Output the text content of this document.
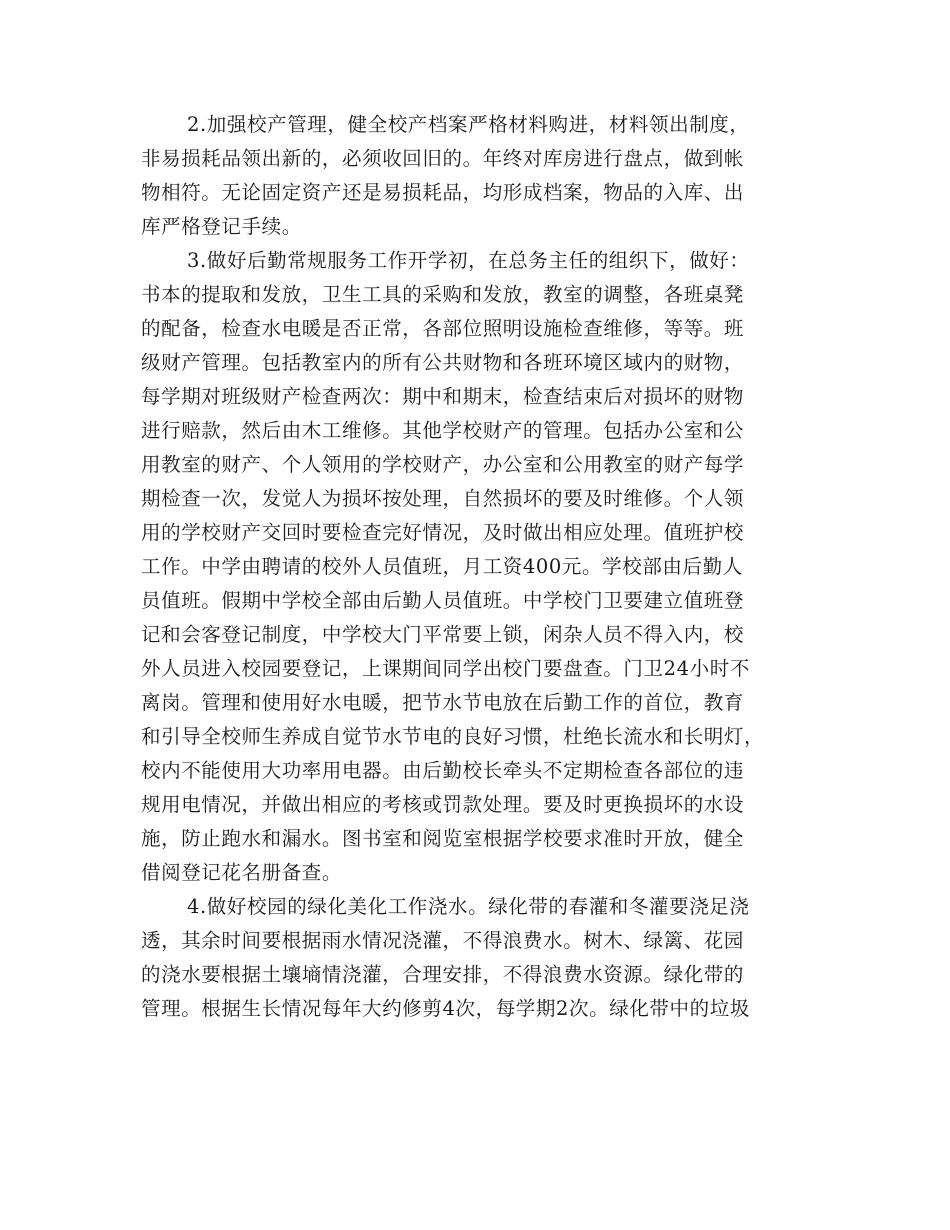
2.加强校产管理，健全校产档案严格材料购进，材料领出制度，
非易损耗品领出新的，必须收回旧的。年终对库房进行盘点，做到帐
物相符。无论固定资产还是易损耗品，均形成档案，物品的入库、出
库严格登记手续。
3.做好后勤常规服务工作开学初，在总务主任的组织下，做好：
书本的提取和发放，卫生工具的采购和发放，教室的调整，各班桌凳
的配备，检查水电暖是否正常，各部位照明设施检查维修，等等。班
级财产管理。包括教室内的所有公共财物和各班环境区域内的财物，
每学期对班级财产检查两次：期中和期末，检查结束后对损坏的财物
进行赔款，然后由木工维修。其他学校财产的管理。包括办公室和公
用教室的财产、个人领用的学校财产，办公室和公用教室的财产每学
期检查一次，发觉人为损坏按处理，自然损坏的要及时维修。个人领
用的学校财产交回时要检查完好情况，及时做出相应处理。值班护校
工作。中学由聘请的校外人员值班，月工资400元。学校部由后勤人
员值班。假期中学校全部由后勤人员值班。中学校门卫要建立值班登
记和会客登记制度，中学校大门平常要上锁，闲杂人员不得入内，校
外人员进入校园要登记，上课期间同学出校门要盘查。门卫24小时不
离岗。管理和使用好水电暖，把节水节电放在后勤工作的首位，教育
和引导全校师生养成自觉节水节电的良好习惯，杜绝长流水和长明灯，
校内不能使用大功率用电器。由后勤校长牵头不定期检查各部位的违
规用电情况，并做出相应的考核或罚款处理。要及时更换损坏的水设
施，防止跑水和漏水。图书室和阅览室根据学校要求准时开放，健全
借阅登记花名册备查。
4.做好校园的绿化美化工作浇水。绿化带的春灌和冬灌要浇足浇
透，其余时间要根据雨水情况浇灌，不得浪费水。树木、绿篱、花园
的浇水要根据土壤墒情浇灌，合理安排，不得浪费水资源。绿化带的
管理。根据生长情况每年大约修剪4次，每学期2次。绿化带中的垃圾
